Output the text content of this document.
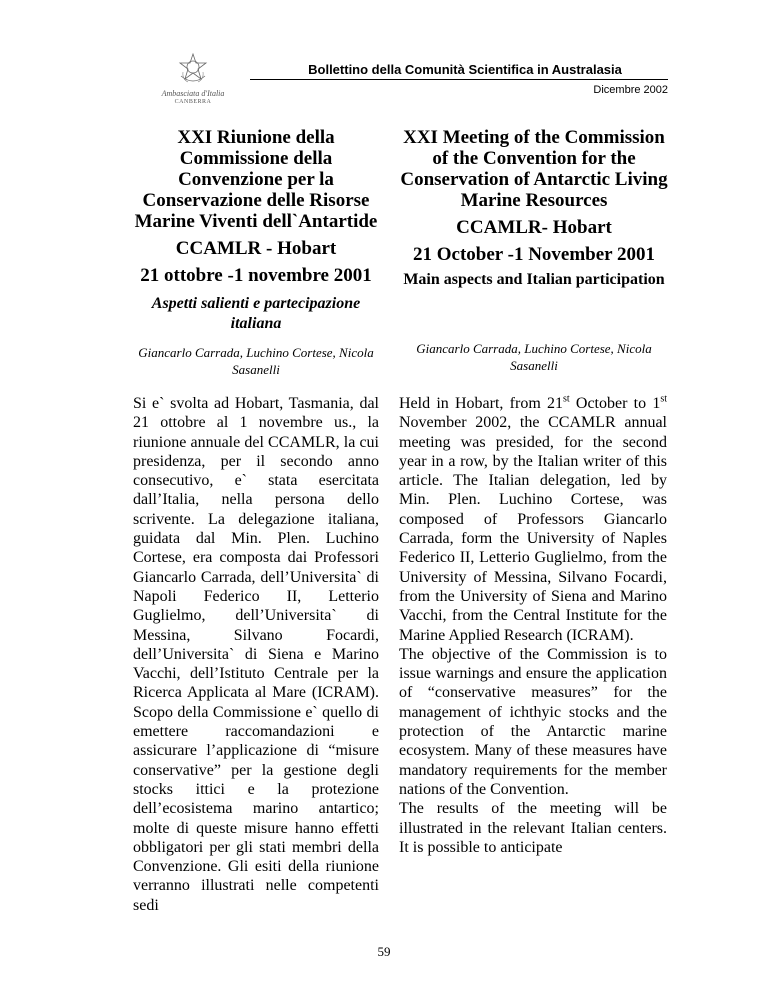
Ambasciata d'Italia
CANBERRA
Bollettino della Comunità Scientifica in Australasia
Dicembre 2002
XXI Riunione della Commissione della Convenzione per la Conservazione delle Risorse Marine Viventi dell`Antartide
CCAMLR - Hobart
21 ottobre -1 novembre 2001
Aspetti salienti e partecipazione italiana
Giancarlo Carrada, Luchino Cortese, Nicola Sasanelli
XXI Meeting of the Commission of the Convention for the Conservation of Antarctic Living Marine Resources
CCAMLR- Hobart
21 October -1 November 2001
Main aspects and Italian participation
Giancarlo Carrada, Luchino Cortese, Nicola Sasanelli

Si e` svolta ad Hobart, Tasmania, dal 21 ottobre al 1 novembre us., la riunione annuale del CCAMLR, la cui presidenza, per il secondo anno consecutivo, e` stata esercitata dall’Italia, nella persona dello scrivente. La delegazione italiana, guidata dal Min. Plen. Luchino Cortese, era composta dai Professori Giancarlo Carrada, dell’Universita` di Napoli Federico II, Letterio Guglielmo, dell’Universita` di Messina, Silvano Focardi, dell’Universita` di Siena e Marino Vacchi, dell’Istituto Centrale per la Ricerca Applicata al Mare (ICRAM). Scopo della Commissione e` quello di emettere raccomandazioni e assicurare l’applicazione di “misure conservative” per la gestione degli stocks ittici e la protezione dell’ecosistema marino antartico; molte di queste misure hanno effetti obbligatori per gli stati membri della Convenzione. Gli esiti della riunione verranno illustrati nelle competenti sedi

Held in Hobart, from 21st October to 1st November 2002, the CCAMLR annual meeting was presided, for the second year in a row, by the Italian writer of this article. The Italian delegation, led by Min. Plen. Luchino Cortese, was composed of Professors Giancarlo Carrada, form the University of Naples Federico II, Letterio Guglielmo, from the University of Messina, Silvano Focardi, from the University of Siena and Marino Vacchi, from the Central Institute for the Marine Applied Research (ICRAM).

The objective of the Commission is to issue warnings and ensure the application of “conservative measures” for the management of ichthyic stocks and the protection of the Antarctic marine ecosystem. Many of these measures have mandatory requirements for the member nations of the Convention.

The results of the meeting will be illustrated in the relevant Italian centers. It is possible to anticipate

59
